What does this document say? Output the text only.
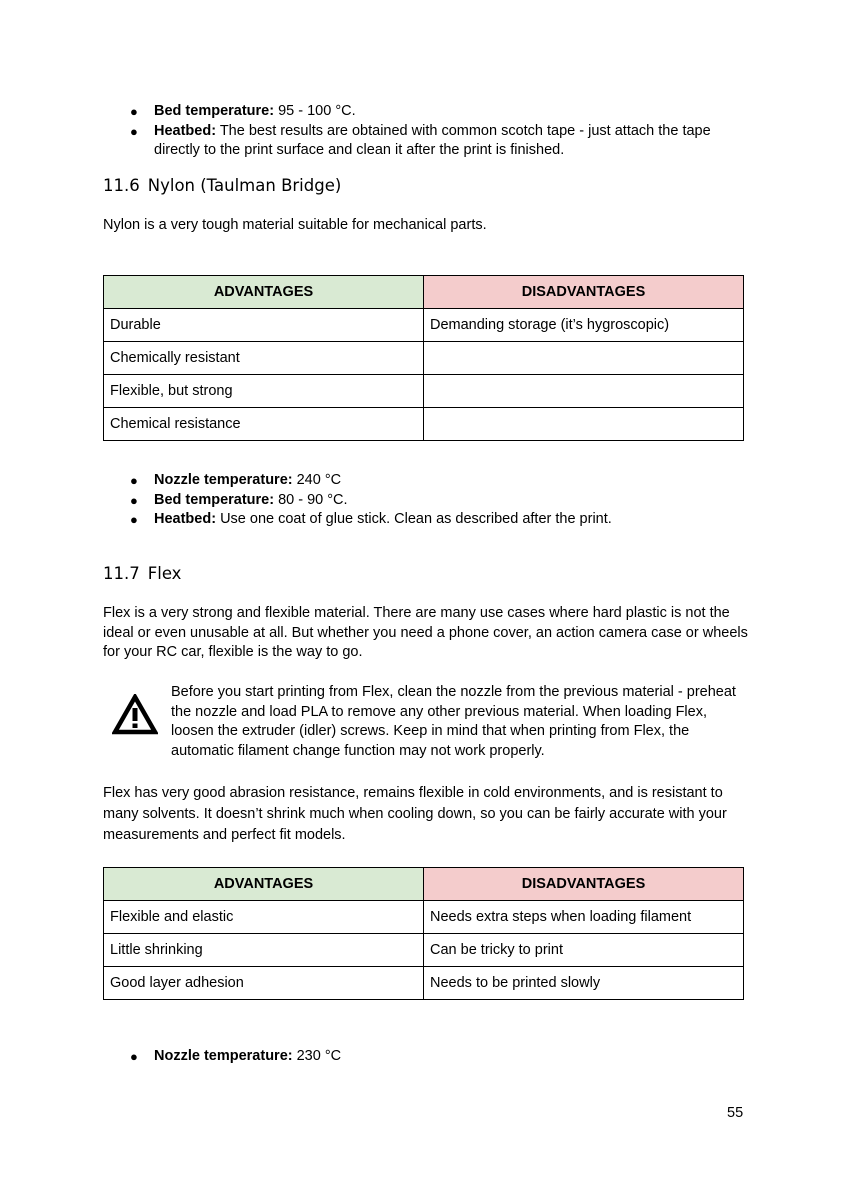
● Bed temperature: 95 - 100 °C.
● Heatbed: The best results are obtained with common scotch tape - just attach the tape directly to the print surface and clean it after the print is finished.
11.6 Nylon (Taulman Bridge)

Nylon is a very tough material suitable for mechanical parts.

ADVANTAGES	DISADVANTAGES
Durable	Demanding storage (it’s hygroscopic)
Chemically resistant	
Flexible, but strong	
Chemical resistance	
● Nozzle temperature: 240 °C
● Bed temperature: 80 - 90 °C.
● Heatbed: Use one coat of glue stick. Clean as described after the print.
11.7 Flex

Flex is a very strong and flexible material. There are many use cases where hard plastic is not the ideal or even unusable at all. But whether you need a phone cover, an action camera case or wheels for your RC car, flexible is the way to go.

Before you start printing from Flex, clean the nozzle from the previous material - preheat the nozzle and load PLA to remove any other previous material. When loading Flex, loosen the extruder (idler) screws. Keep in mind that when printing from Flex, the automatic filament change function may not work properly.

Flex has very good abrasion resistance, remains flexible in cold environments, and is resistant to many solvents. It doesn’t shrink much when cooling down, so you can be fairly accurate with your measurements and perfect fit models.

ADVANTAGES	DISADVANTAGES
Flexible and elastic	Needs extra steps when loading filament
Little shrinking	Can be tricky to print
Good layer adhesion	Needs to be printed slowly
● Nozzle temperature: 230 °C
55
